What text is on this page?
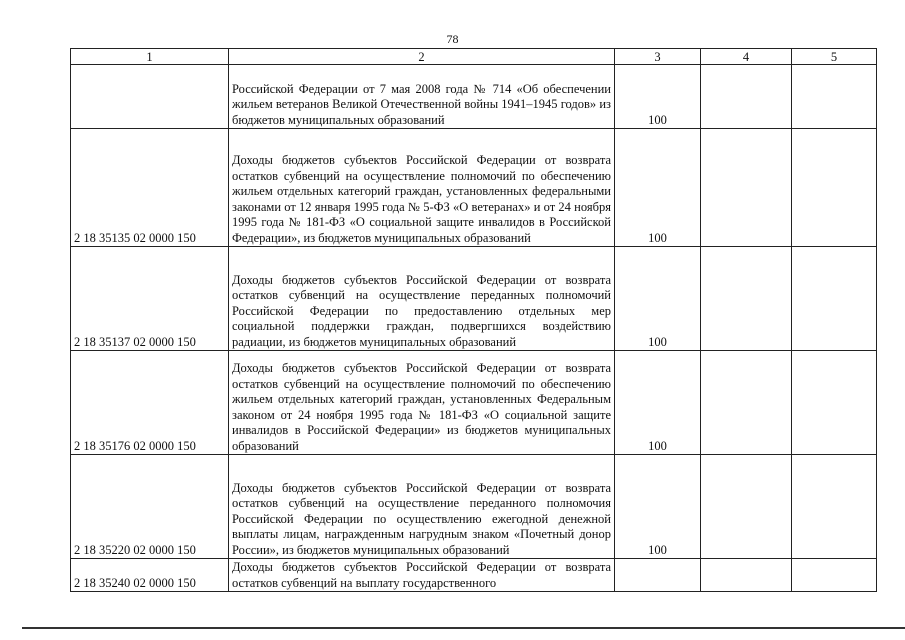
78
1	2	3	4	5
	Российской Федерации от 7 мая 2008 года № 714 «Об обеспечении жильем ветеранов Великой Отечественной войны 1941–1945 годов» из бюджетов муниципальных образований	100		
2 18 35135 02 0000 150	Доходы бюджетов субъектов Российской Федерации от возврата остатков субвенций на осуществление полномочий по обеспечению жильем отдельных категорий граждан, установленных федеральными законами от 12 января 1995 года № 5-ФЗ «О ветеранах» и от 24 ноября 1995 года № 181-ФЗ «О социальной защите инвалидов в Российской Федерации», из бюджетов муниципальных образований	100		
2 18 35137 02 0000 150	Доходы бюджетов субъектов Российской Федерации от возврата остатков субвенций на осуществление переданных полномочий Российской Федерации по предоставлению отдельных мер социальной поддержки граждан, подвергшихся воздействию радиации, из бюджетов муниципальных образований	100		
2 18 35176 02 0000 150	Доходы бюджетов субъектов Российской Федерации от возврата остатков субвенций на осуществление полномочий по обеспечению жильем отдельных категорий граждан, установленных Федеральным законом от 24 ноября 1995 года № 181-ФЗ «О социальной защите инвалидов в Российской Федерации» из бюджетов муниципальных образований	100		
2 18 35220 02 0000 150	Доходы бюджетов субъектов Российской Федерации от возврата остатков субвенций на осуществление переданного полномочия Российской Федерации по осуществлению ежегодной денежной выплаты лицам, награжденным нагрудным знаком «Почетный донор России», из бюджетов муниципальных образований	100		
2 18 35240 02 0000 150	Доходы бюджетов субъектов Российской Федерации от возврата остатков субвенций на выплату государственного			
